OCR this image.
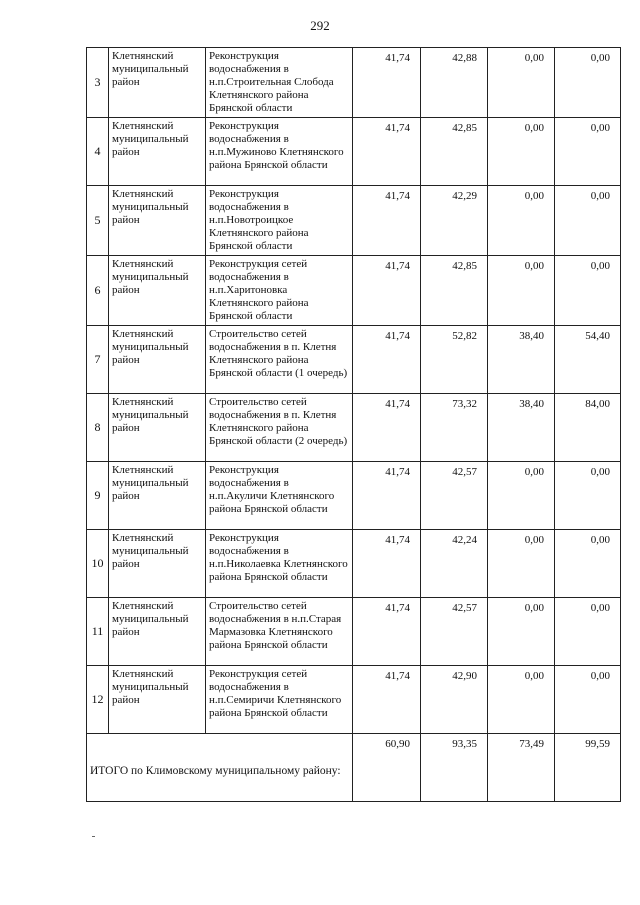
292
3	Клетнянский муниципальный район	Реконструкция водоснабжения в н.п.Строительная Слобода Клетнянского района Брянской области	41,74	42,88	0,00	0,00
4	Клетнянский муниципальный район	Реконструкция водоснабжения в н.п.Мужиново Клетнянского района Брянской области	41,74	42,85	0,00	0,00
5	Клетнянский муниципальный район	Реконструкция водоснабжения в н.п.Новотроицкое Клетнянского района Брянской области	41,74	42,29	0,00	0,00
6	Клетнянский муниципальный район	Реконструкция сетей водоснабжения в н.п.Харитоновка Клетнянского района Брянской области	41,74	42,85	0,00	0,00
7	Клетнянский муниципальный район	Строительство сетей водоснабжения в п. Клетня Клетнянского района Брянской области (1 очередь)	41,74	52,82	38,40	54,40
8	Клетнянский муниципальный район	Строительство сетей водоснабжения в п. Клетня Клетнянского района Брянской области (2 очередь)	41,74	73,32	38,40	84,00
9	Клетнянский муниципальный район	Реконструкция водоснабжения в н.п.Акуличи Клетнянского района Брянской области	41,74	42,57	0,00	0,00
10	Клетнянский муниципальный район	Реконструкция водоснабжения в н.п.Николаевка Клетнянского района Брянской области	41,74	42,24	0,00	0,00
11	Клетнянский муниципальный район	Строительство сетей водоснабжения в н.п.Старая Мармазовка Клетнянского района Брянской области	41,74	42,57	0,00	0,00
12	Клетнянский муниципальный район	Реконструкция сетей водоснабжения в н.п.Семиричи Клетнянского района Брянской области	41,74	42,90	0,00	0,00
ИТОГО по Климовскому муниципальному району:			60,90	93,35	73,49	99,59
